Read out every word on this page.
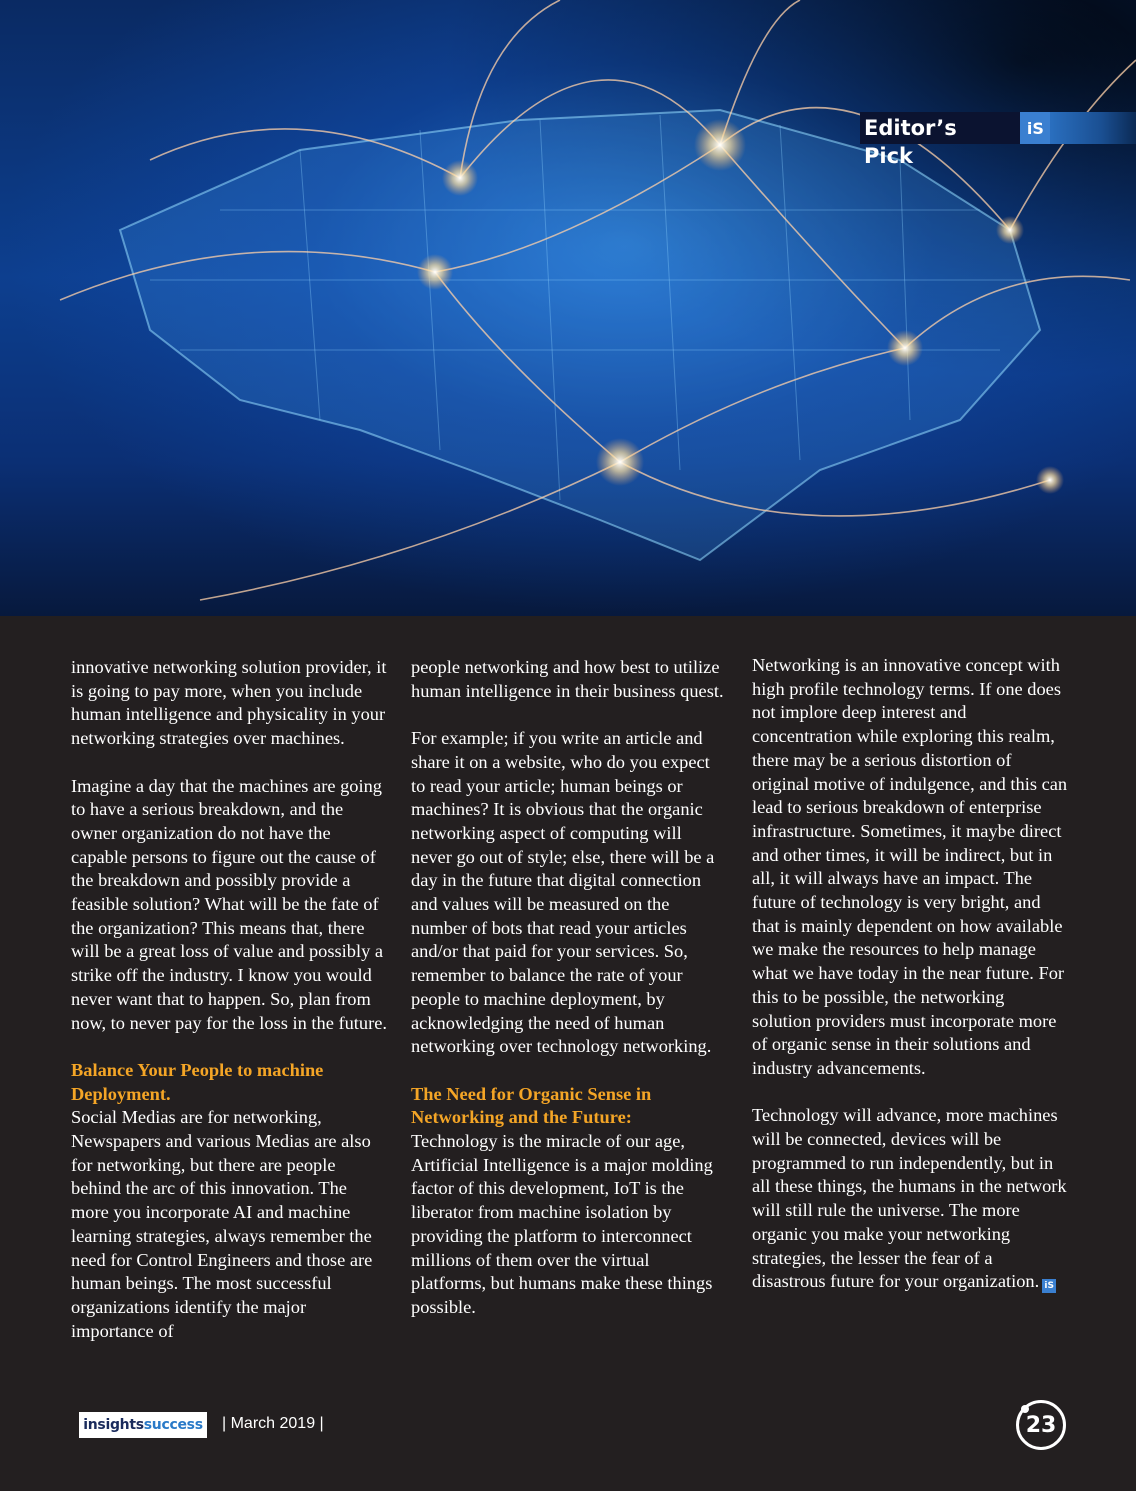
Editor’s Pick
iS

innovative networking solution provider, it is going to pay more, when you include human intelligence and physicality in your networking strategies over machines.

Imagine a day that the machines are going to have a serious breakdown, and the owner organization do not have the capable persons to figure out the cause of the breakdown and possibly provide a feasible solution? What will be the fate of the organization? This means that, there will be a great loss of value and possibly a strike off the industry. I know you would never want that to happen. So, plan from now, to never pay for the loss in the future.

Balance Your People to machine Deployment.

Social Medias are for networking, Newspapers and various Medias are also for networking, but there are people behind the arc of this innovation. The more you incorporate AI and machine learning strategies, always remember the need for Control Engineers and those are human beings. The most successful organizations identify the major importance of

people networking and how best to utilize human intelligence in their business quest.

For example; if you write an article and share it on a website, who do you expect to read your article; human beings or machines? It is obvious that the organic networking aspect of computing will never go out of style; else, there will be a day in the future that digital connection and values will be measured on the number of bots that read your articles and/or that paid for your services. So, remember to balance the rate of your people to machine deployment, by acknowledging the need of human networking over technology networking.

The Need for Organic Sense in Networking and the Future:

Technology is the miracle of our age, Artificial Intelligence is a major molding factor of this development, IoT is the liberator from machine isolation by providing the platform to interconnect millions of them over the virtual platforms, but humans make these things possible.

Networking is an innovative concept with high profile technology terms. If one does not implore deep interest and concentration while exploring this realm, there may be a serious distortion of original motive of indulgence, and this can lead to serious breakdown of enterprise infrastructure. Sometimes, it maybe direct and other times, it will be indirect, but in all, it will always have an impact. The future of technology is very bright, and that is mainly dependent on how available we make the resources to help manage what we have today in the near future. For this to be possible, the networking solution providers must incorporate more of organic sense in their solutions and industry advancements.

Technology will advance, more machines will be connected, devices will be programmed to run independently, but in all these things, the humans in the network will still rule the universe. The more organic you make your networking strategies, the lesser the fear of a disastrous future for your organization. iS

insights success | March 2019 |	23
